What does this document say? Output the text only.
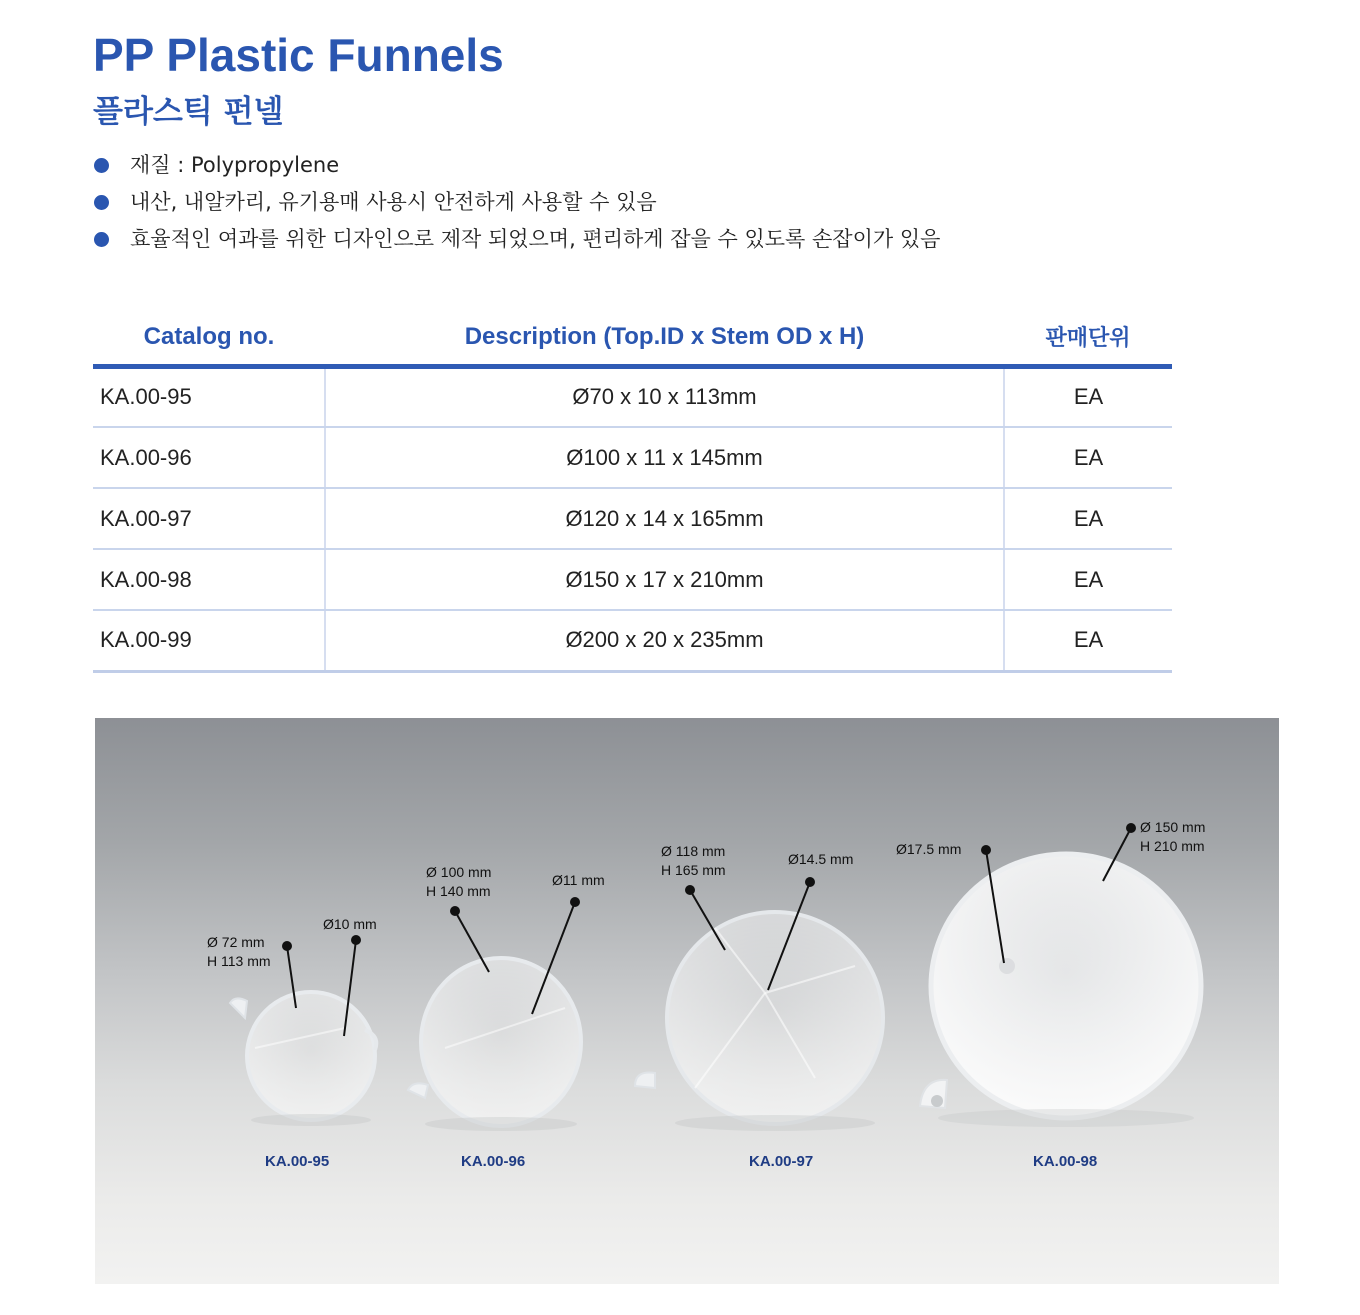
PP Plastic Funnels
플라스틱 펀넬
재질 : Polypropylene
내산, 내알카리, 유기용매 사용시 안전하게 사용할 수 있음
효율적인 여과를 위한 디자인으로 제작 되었으며, 편리하게 잡을 수 있도록 손잡이가 있음
Catalog no.	Description (Top.ID x Stem OD x H)	판매단위
KA.00-95	Ø70 x 10 x 113mm	EA
KA.00-96	Ø100 x 11 x 145mm	EA
KA.00-97	Ø120 x 14 x 165mm	EA
KA.00-98	Ø150 x 17 x 210mm	EA
KA.00-99	Ø200 x 20 x 235mm	EA
Ø 72 mm
H 113 mm
Ø10 mm
KA.00-95
Ø 100 mm
H 140 mm
Ø11 mm
KA.00-96
Ø 118 mm
H 165 mm
Ø14.5 mm
KA.00-97
Ø 150 mm
H 210 mm
Ø17.5 mm
KA.00-98
